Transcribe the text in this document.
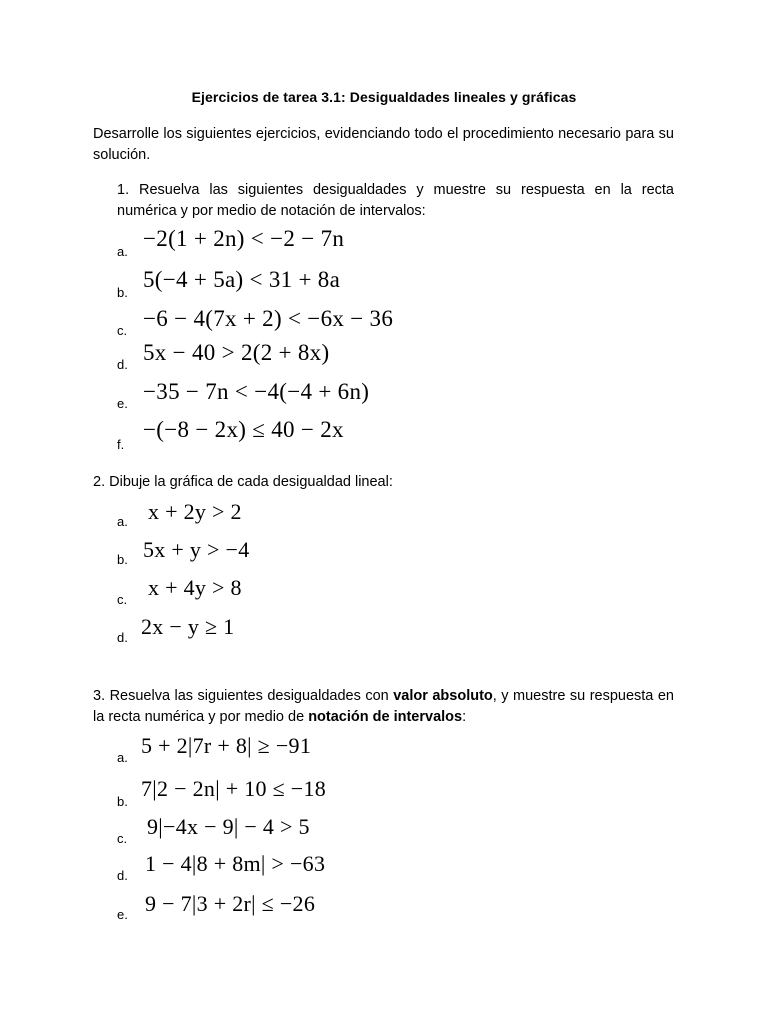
Ejercicios de tarea 3.1: Desigualdades lineales y gráficas
Desarrolle los siguientes ejercicios, evidenciando todo el procedimiento necesario para su solución.
1. Resuelva las siguientes desigualdades y muestre su respuesta en la recta numérica y por medio de notación de intervalos:
a.
−2(1 + 2n) < −2 − 7n
b.
5(−4 + 5a) < 31 + 8a
c. −6 − 4(7x + 2) < −6x − 36
d. 5x − 40 > 2(2 + 8x)
e. −35 − 7n < −4(−4 + 6n)
f.
−(−8 − 2x) ≤ 40 − 2x
2. Dibuje la gráfica de cada desigualdad lineal:
a. x + 2y > 2
b. 5x + y > −4
c. x + 4y > 8
d. 2x − y ≥ 1
3. Resuelva las siguientes desigualdades con valor absoluto, y muestre su respuesta en la recta numérica y por medio de notación de intervalos:
a. 5 + 2|7r + 8| ≥ −91
b.
7|2 − 2n| + 10 ≤ −18
c. 9|−4x − 9| − 4 > 5
d. 1 − 4|8 + 8m| > −63
e. 9 − 7|3 + 2r| ≤ −26
